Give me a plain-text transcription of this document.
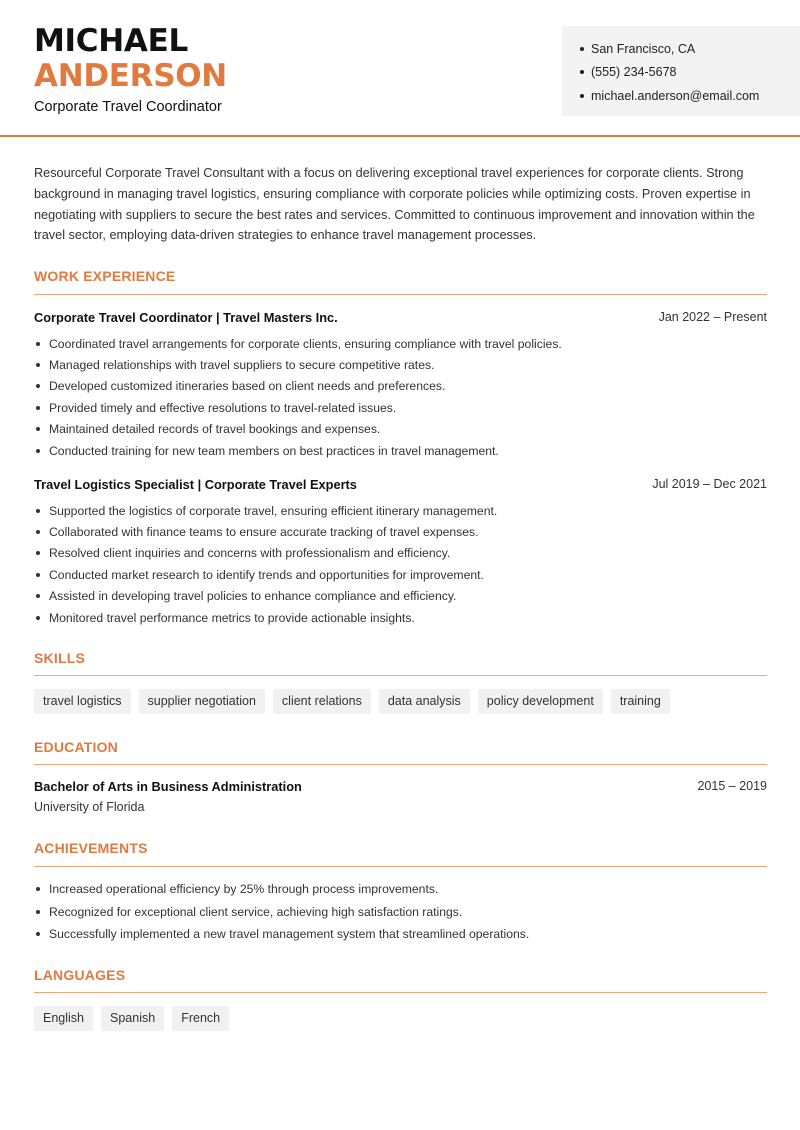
MICHAEL
ANDERSON
Corporate Travel Coordinator
San Francisco, CA
(555) 234-5678
michael.anderson@email.com

Resourceful Corporate Travel Consultant with a focus on delivering exceptional travel experiences for corporate clients. Strong background in managing travel logistics, ensuring compliance with corporate policies while optimizing costs. Proven expertise in negotiating with suppliers to secure the best rates and services. Committed to continuous improvement and innovation within the travel sector, employing data-driven strategies to enhance travel management processes.

WORK EXPERIENCE
Corporate Travel Coordinator | Travel Masters Inc.	Jan 2022 – Present
Coordinated travel arrangements for corporate clients, ensuring compliance with travel policies.
Managed relationships with travel suppliers to secure competitive rates.
Developed customized itineraries based on client needs and preferences.
Provided timely and effective resolutions to travel-related issues.
Maintained detailed records of travel bookings and expenses.
Conducted training for new team members on best practices in travel management.
Travel Logistics Specialist | Corporate Travel Experts	Jul 2019 – Dec 2021
Supported the logistics of corporate travel, ensuring efficient itinerary management.
Collaborated with finance teams to ensure accurate tracking of travel expenses.
Resolved client inquiries and concerns with professionalism and efficiency.
Conducted market research to identify trends and opportunities for improvement.
Assisted in developing travel policies to enhance compliance and efficiency.
Monitored travel performance metrics to provide actionable insights.
SKILLS
travel logistics	supplier negotiation	client relations	data analysis	policy development	training
EDUCATION
Bachelor of Arts in Business Administration	2015 – 2019
University of Florida
ACHIEVEMENTS
Increased operational efficiency by 25% through process improvements.
Recognized for exceptional client service, achieving high satisfaction ratings.
Successfully implemented a new travel management system that streamlined operations.
LANGUAGES
English	Spanish	French
